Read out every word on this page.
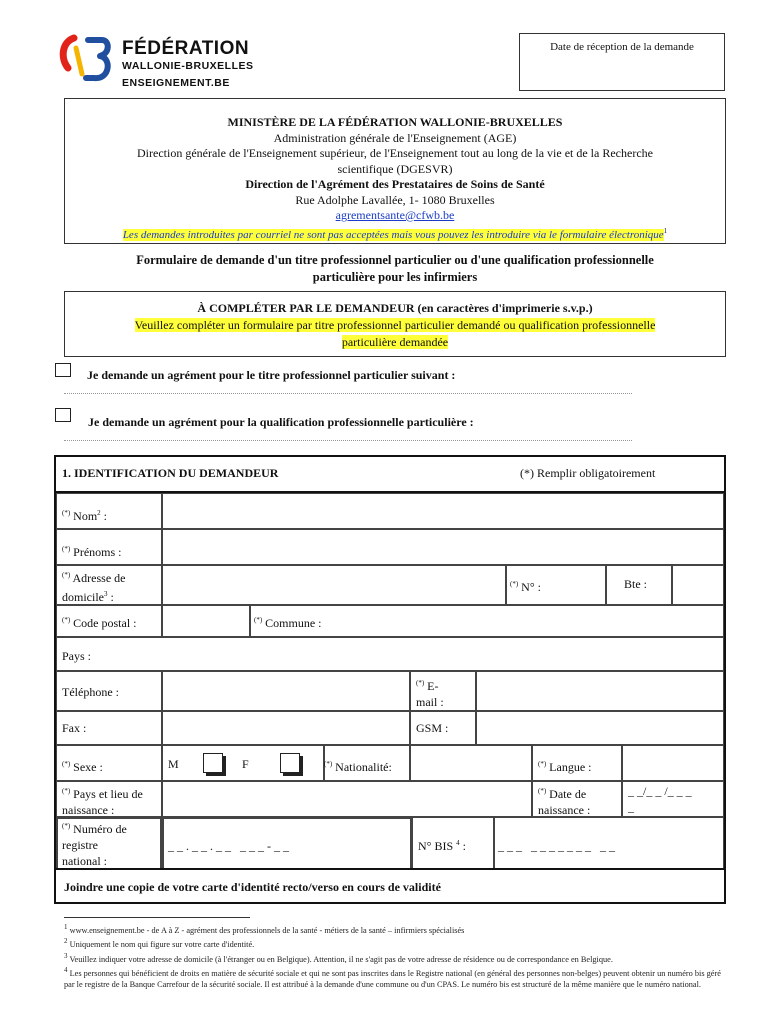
FÉDÉRATION
WALLONIE-BRUXELLES
ENSEIGNEMENT.BE
Date de réception de la demande
MINISTÈRE DE LA FÉDÉRATION WALLONIE-BRUXELLES
Administration générale de l'Enseignement (AGE)
Direction générale de l'Enseignement supérieur, de l'Enseignement tout au long de la vie et de la Recherche
scientifique (DGESVR)
Direction de l'Agrément des Prestataires de Soins de Santé
Rue Adolphe Lavallée, 1- 1080 Bruxelles
agrementsante@cfwb.be
Les demandes introduites par courriel ne sont pas acceptées mais vous pouvez les introduire via le formulaire électronique$^1$
Formulaire de demande d'un titre professionnel particulier ou d'une qualification professionnelle
particulière pour les infirmiers
À COMPLÉTER PAR LE DEMANDEUR (en caractères d'imprimerie s.v.p.)
Veuillez compléter un formulaire par titre professionnel particulier demandé ou qualification professionnelle
particulière demandée
Je demande un agrément pour le titre professionnel particulier suivant :
Je demande un agrément pour la qualification professionnelle particulière :
1. IDENTIFICATION DU DEMANDEUR	(*) Remplir obligatoirement
(*) Nom$^2$ :
(*) Prénoms :
(*) Adresse de
domicile$^3$ :
(*) N° :	Bte :
(*) Code postal :	(*) Commune :
Pays :
Téléphone :
(*) E-
mail :
Fax :	GSM :
(*) Sexe :	M	F	(*) Nationalité:	(*) Langue :
(*) Pays et lieu de
naissance :
(*) Date de
naissance :
_ _/_ _ /_ _ _
_
(*) Numéro de
registre
national :
_ _ . _ _ . _ _   _ _ _ - _ _	N° BIS $^4$ :	_ _ _   _ _ _ _ _ _ _   _ _
Joindre une copie de votre carte d'identité recto/verso en cours de validité
$^1$ www.enseignement.be - de A à Z - agrément des professionnels de la santé - métiers de la santé – infirmiers spécialisés
$^2$ Uniquement le nom qui figure sur votre carte d'identité.
$^3$ Veuillez indiquer votre adresse de domicile (à l'étranger ou en Belgique). Attention, il ne s'agit pas de votre adresse de résidence ou de correspondance en Belgique.
$^4$ Les personnes qui bénéficient de droits en matière de sécurité sociale et qui ne sont pas inscrites dans le Registre national (en général des personnes non-belges) peuvent obtenir un numéro bis géré par le registre de la Banque Carrefour de la sécurité sociale. Il est attribué à la demande d'une commune ou d'un CPAS. Le numéro bis est structuré de la même manière que le numéro national.
